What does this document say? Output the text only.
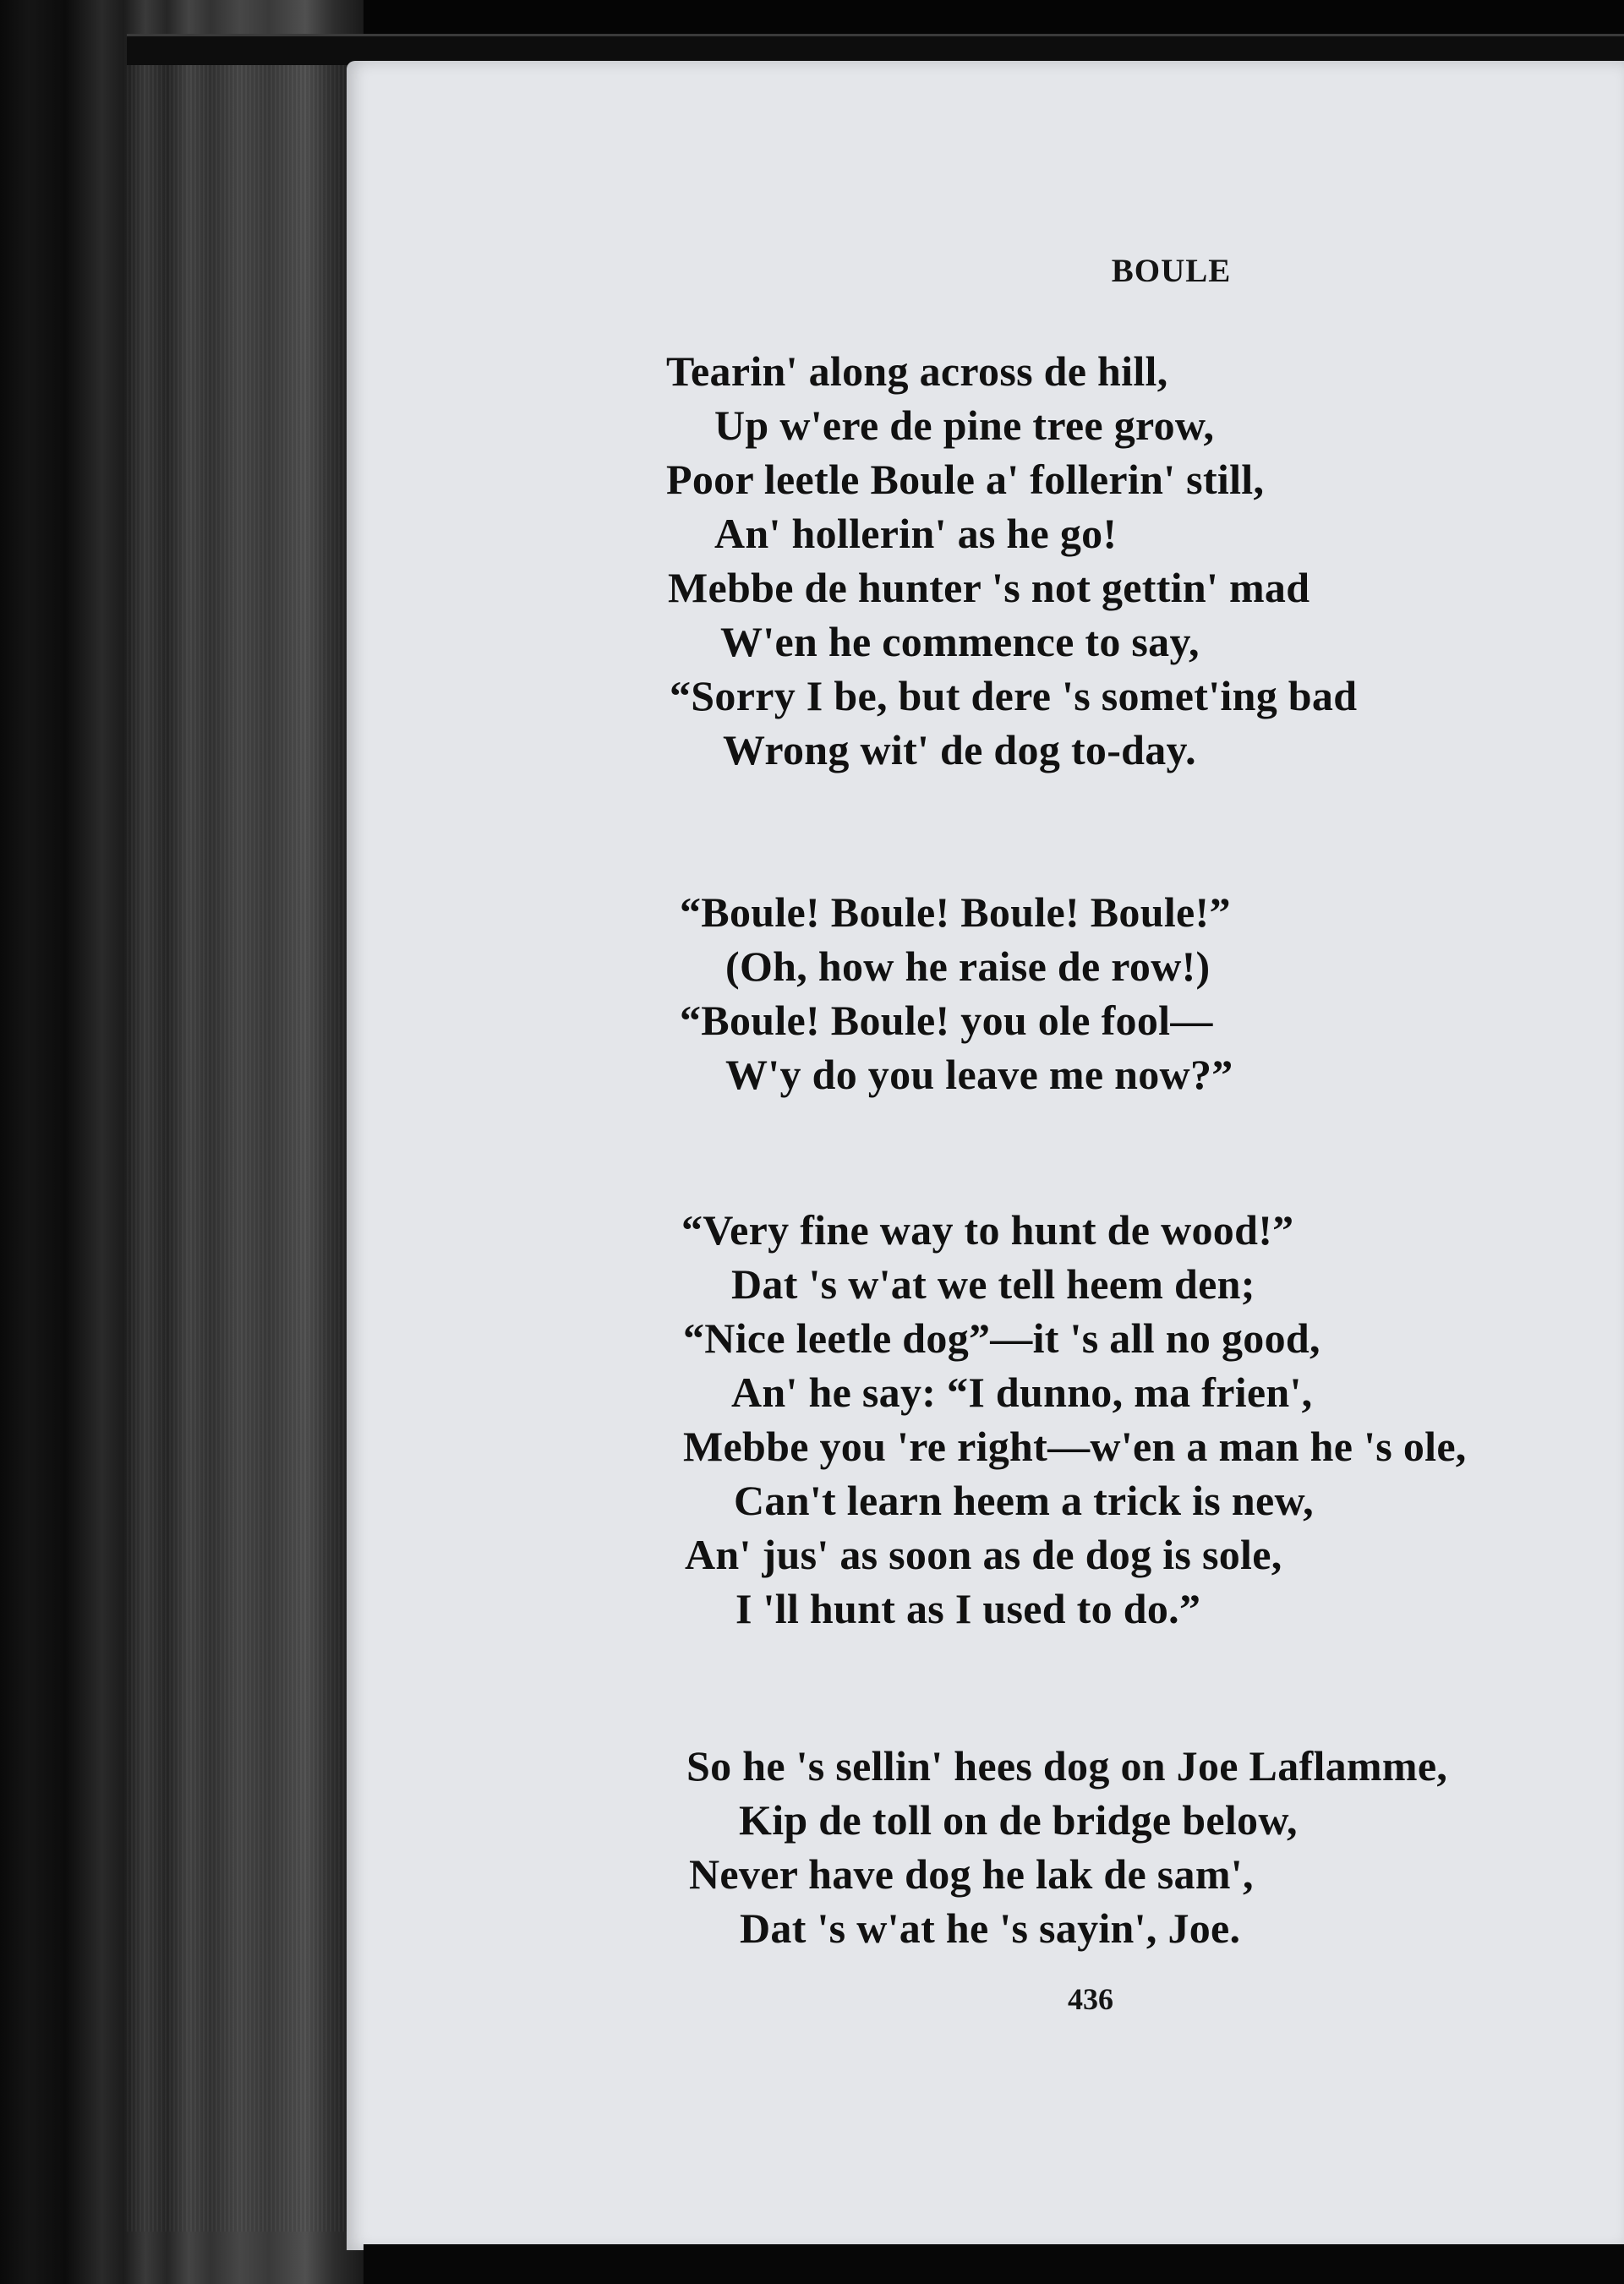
BOULE
Tearin' along across de hill,
Up w'ere de pine tree grow,
Poor leetle Boule a' follerin' still,
An' hollerin' as he go!
Mebbe de hunter 's not gettin' mad
W'en he commence to say,
“Sorry I be, but dere 's somet'ing bad
Wrong wit' de dog to-day.
“Boule! Boule! Boule! Boule!”
(Oh, how he raise de row!)
“Boule! Boule! you ole fool—
W'y do you leave me now?”
“Very fine way to hunt de wood!”
Dat 's w'at we tell heem den;
“Nice leetle dog”—it 's all no good,
An' he say: “I dunno, ma frien',
Mebbe you 're right—w'en a man he 's ole,
Can't learn heem a trick is new,
An' jus' as soon as de dog is sole,
I 'll hunt as I used to do.”
So he 's sellin' hees dog on Joe Laflamme,
Kip de toll on de bridge below,
Never have dog he lak de sam',
Dat 's w'at he 's sayin', Joe.
436
